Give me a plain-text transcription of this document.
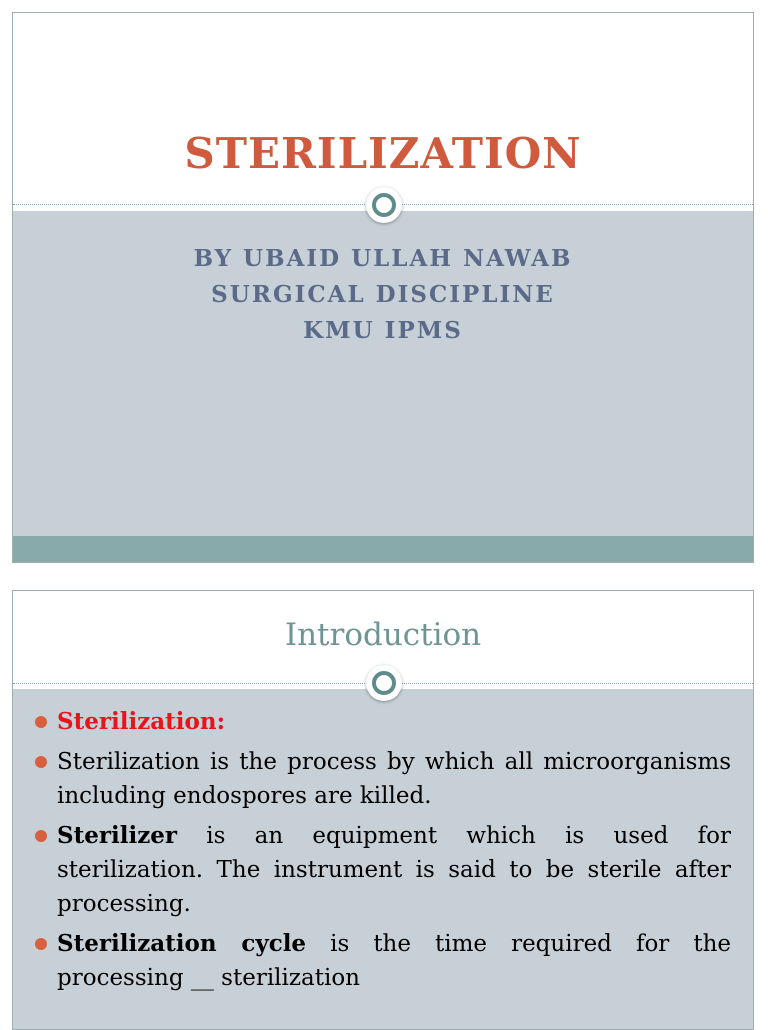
STERILIZATION
BY UBAID ULLAH NAWAB
SURGICAL DISCIPLINE
KMU IPMS
Introduction
Sterilization:
Sterilization is the process by which all microorganisms including endospores are killed.
Sterilizer is an equipment which is used for sterilization. The instrument is said to be sterile after processing.
Sterilization cycle is the time required for the processing __ sterilization
